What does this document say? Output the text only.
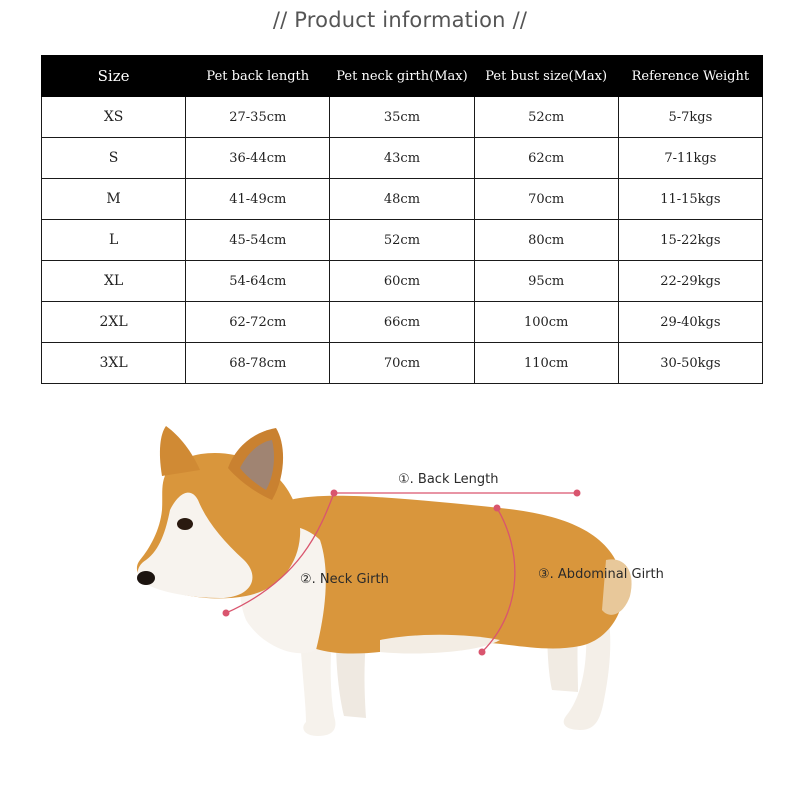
// Product information //
Size	Pet back length	Pet neck girth(Max)	Pet bust size(Max)	Reference Weight
XS	27-35cm	35cm	52cm	5-7kgs
S	36-44cm	43cm	62cm	7-11kgs
M	41-49cm	48cm	70cm	11-15kgs
L	45-54cm	52cm	80cm	15-22kgs
XL	54-64cm	60cm	95cm	22-29kgs
2XL	62-72cm	66cm	100cm	29-40kgs
3XL	68-78cm	70cm	110cm	30-50kgs
①. Back Length
②. Neck Girth	③. Abdominal Girth
